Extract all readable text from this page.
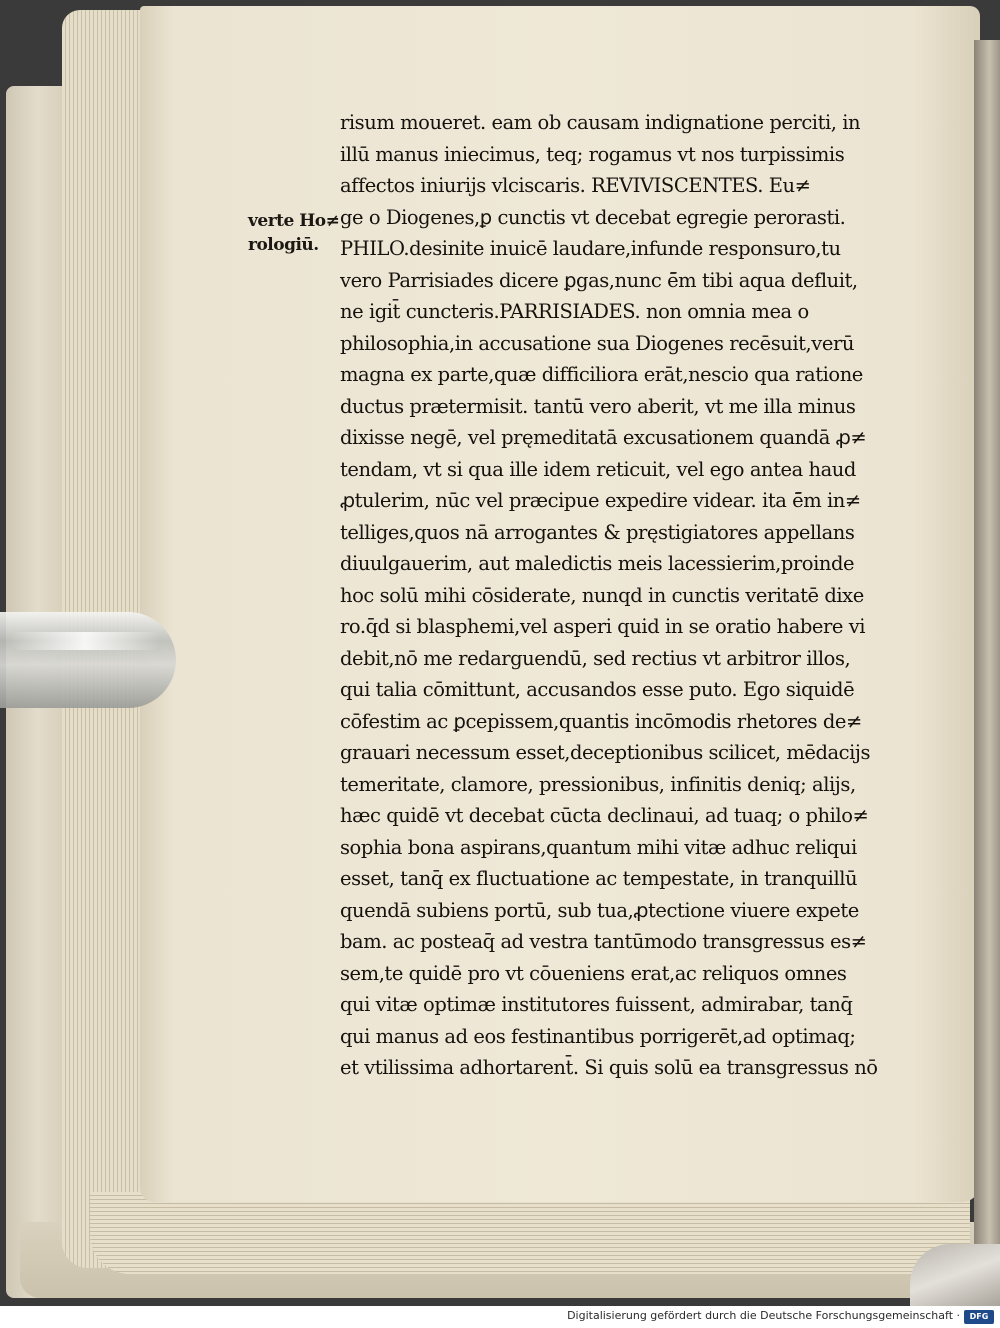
verte Ho≠
rologiū.
risum moueret. eam ob causam indignatione perciti, in
illū manus iniecimus, teq; rogamus vt nos turpissimis
affectos iniurijs vlciscaris. REVIVISCENTES. Eu≠
ge o Diogenes,ꝑ cunctis vt decebat egregie perorasti.
PHILO.desinite inuicē laudare,infunde responsuro,tu
vero Parrisiades dicere ꝑgas,nunc ē̄m tibi aqua defluit,
ne igit̄ cuncteris.PARRISIADES. non omnia mea o
philosophia,in accusatione sua Diogenes recēsuit,verū
magna ex parte,quæ difficiliora erāt,nescio qua ratione
ductus prætermisit. tantū vero aberit, vt me illa minus
dixisse negē, vel pręmeditatā excusationem quandā ꝓ≠
tendam, vt si qua ille idem reticuit, vel ego antea haud
ꝓtulerim, nūc vel præcipue expedire videar. ita ē̄m in≠
telliges,quos nā arrogantes & pręstigiatores appellans
diuulgauerim, aut maledictis meis lacessierim,proinde
hoc solū mihi cōsiderate, nunqd in cunctis veritatē dixe
ro.q̄d si blasphemi,vel asperi quid in se oratio habere vi
debit,nō me redarguendū, sed rectius vt arbitror illos,
qui talia cōmittunt, accusandos esse puto. Ego siquidē
cōfestim ac ꝑcepissem,quantis incōmodis rhetores de≠
grauari necessum esset,deceptionibus scilicet, mēdacijs
temeritate, clamore, pressionibus, infinitis deniq; alijs,
hæc quidē vt decebat cūcta declinaui, ad tuaq; o philo≠
sophia bona aspirans,quantum mihi vitæ adhuc reliqui
esset, tanq̄ ex fluctuatione ac tempestate, in tranquillū
quendā subiens portū, sub tua,ꝓtectione viuere expete
bam. ac posteaq̄ ad vestra tantūmodo transgressus es≠
sem,te quidē pro vt cōueniens erat,ac reliquos omnes
qui vitæ optimæ institutores fuissent, admirabar, tanq̄
qui manus ad eos festinantibus porrigerēt,ad optimaq;
et vtilissima adhortarent̄. Si quis solū ea transgressus nō
Digitalisierung gefördert durch die Deutsche Forschungsgemeinschaft ·	DFG
